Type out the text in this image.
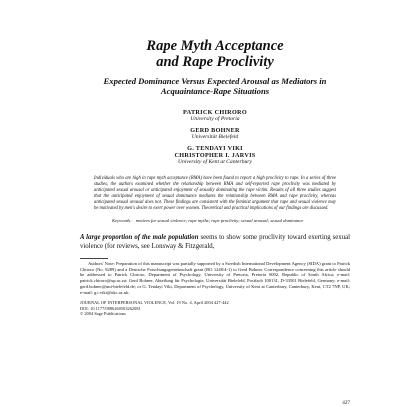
Rape Myth Acceptance
and Rape Proclivity
Expected Dominance Versus Expected Arousal as Mediators in Acquaintance-Rape Situations
PATRICK CHIRORO
University of Pretoria
GERD BOHNER
Universität Bielefeld
G. TENDAYI VIKI
CHRISTOPHER I. JARVIS
University of Kent at Canterbury
Individuals who are high in rape myth acceptance (RMA) have been found to report a high proclivity to rape. In a series of three studies, the authors examined whether the relationship between RMA and self-reported rape proclivity was mediated by anticipated sexual arousal or anticipated enjoyment of sexually dominating the rape victim. Results of all three studies suggest that the anticipated enjoyment of sexual dominance mediates the relationship between RMA and rape proclivity, whereas anticipated sexual arousal does not. These findings are consistent with the feminist argument that rape and sexual violence may be motivated by men's desire to exert power over women. Theoretical and practical implications of our findings are discussed.
Keywords: motives for sexual violence; rape myths; rape proclivity; sexual arousal; sexual dominance

A large proportion of the male population seems to show some proclivity toward exerting sexual violence (for reviews, see Lonsway & Fitzgerald,

Authors' Note: Preparation of this manuscript was partially supported by a Swedish International Development Agency (SIDA) grant to Patrick Chiroro (No. 8289) and a Deutsche Forschungsgemeinschaft grant (BO 1248/4-1) to Gerd Bohner. Correspondence concerning this article should be addressed to Patrick Chiroro, Department of Psychology, University of Pretoria, Pretoria 0002, Republic of South Africa; e-mail: patrick.chiroro@up.ac.za; Gerd Bohner, Abteilung für Psychologie, Universität Bielefeld, Postfach 100131, D-33501 Bielefeld, Germany; e-mail: gerd.bohner@uni-bielefeld.de; or G. Tendayi Viki, Department of Psychology, University of Kent at Canterbury, Canterbury, Kent, CT2 7NP, UK; e-mail: g.t.viki@ukc.ac.uk.
JOURNAL OF INTERPERSONAL VIOLENCE, Vol. 19 No. 4, April 2004 427-442
DOI: 10.1177/0886260503262081
© 2004 Sage Publications
427
